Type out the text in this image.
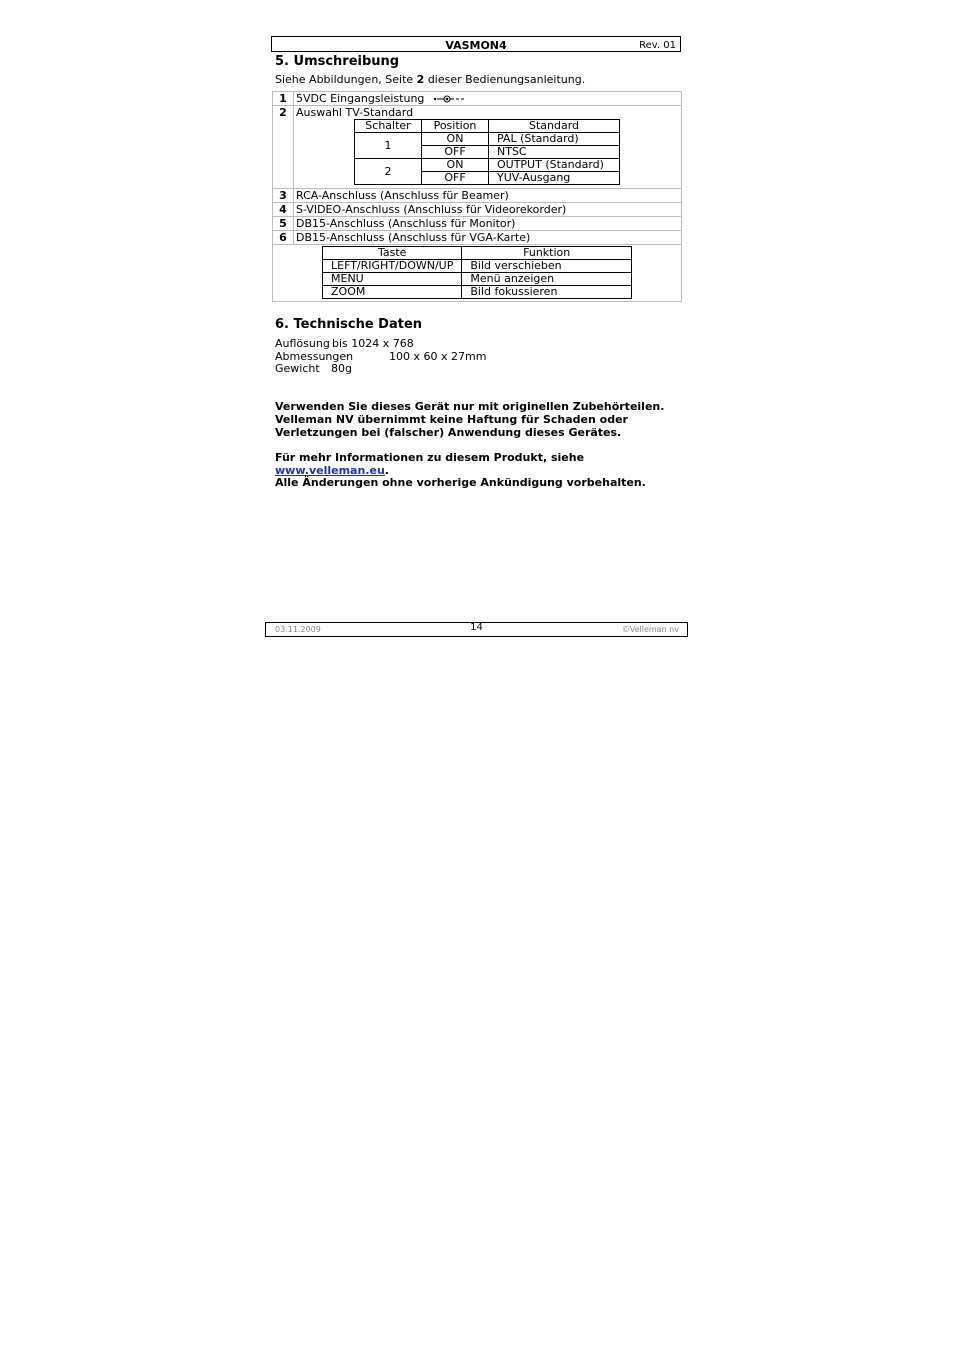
VASMON4	Rev. 01
5. Umschreibung
Siehe Abbildungen, Seite 2 dieser Bedienungsanleitung.
1	5VDC Eingangsleistung
2	Auswahl TV-Standard
Schalter	Position	Standard
1	ON	PAL (Standard)
OFF	NTSC
2	ON	OUTPUT (Standard)
OFF	YUV-Ausgang

3	RCA-Anschluss (Anschluss für Beamer)
4	S-VIDEO-Anschluss (Anschluss für Videorekorder)
5	DB15-Anschluss (Anschluss für Monitor)
6	DB15-Anschluss (Anschluss für VGA-Karte)

Taste	Funktion
LEFT/RIGHT/DOWN/UP	Bild verschieben
MENU	Menü anzeigen
ZOOM	Bild fokussieren
6. Technische Daten
Auflösung bis 1024 x 768
Abmessungen	100 x 60 x 27mm
Gewicht 80g
Verwenden Sie dieses Gerät nur mit originellen Zubehörteilen.
Velleman NV übernimmt keine Haftung für Schaden oder
Verletzungen bei (falscher) Anwendung dieses Gerätes.
Für mehr Informationen zu diesem Produkt, siehe
www.velleman.eu.
Alle Änderungen ohne vorherige Ankündigung vorbehalten.
03.11.2009	14	©Velleman nv
